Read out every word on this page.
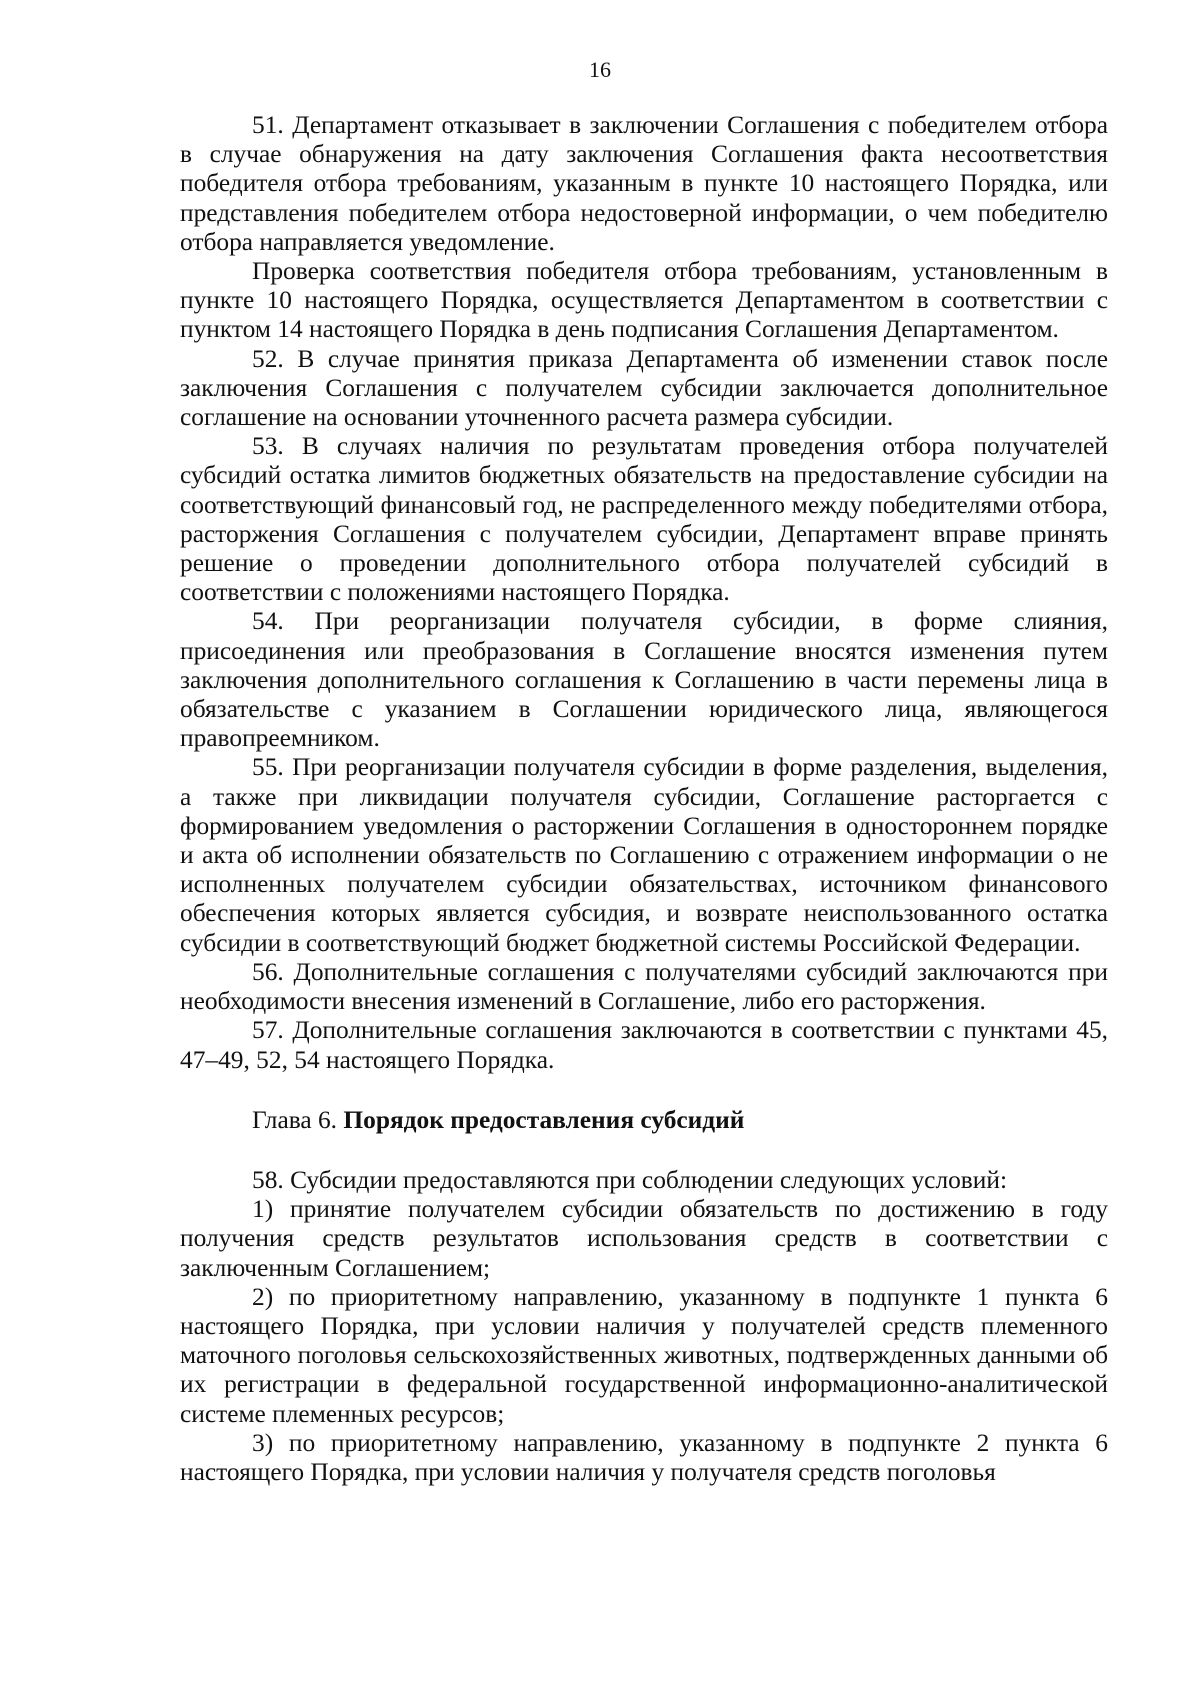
16

51. Департамент отказывает в заключении Соглашения с победителем отбора в случае обнаружения на дату заключения Соглашения факта несоответствия победителя отбора требованиям, указанным в пункте 10 настоящего Порядка, или представления победителем отбора недостоверной информации, о чем победителю отбора направляется уведомление.

Проверка соответствия победителя отбора требованиям, установленным в пункте 10 настоящего Порядка, осуществляется Департаментом в соответствии с пунктом 14 настоящего Порядка в день подписания Соглашения Департаментом.

52. В случае принятия приказа Департамента об изменении ставок после заключения Соглашения с получателем субсидии заключается дополнительное соглашение на основании уточненного расчета размера субсидии.

53. В случаях наличия по результатам проведения отбора получателей субсидий остатка лимитов бюджетных обязательств на предоставление субсидии на соответствующий финансовый год, не распределенного между победителями отбора, расторжения Соглашения с получателем субсидии, Департамент вправе принять решение о проведении дополнительного отбора получателей субсидий в соответствии с положениями настоящего Порядка.

54. При реорганизации получателя субсидии, в форме слияния, присоединения или преобразования в Соглашение вносятся изменения путем заключения дополнительного соглашения к Соглашению в части перемены лица в обязательстве с указанием в Соглашении юридического лица, являющегося правопреемником.

55. При реорганизации получателя субсидии в форме разделения, выделения, а также при ликвидации получателя субсидии, Соглашение расторгается с формированием уведомления о расторжении Соглашения в одностороннем порядке и акта об исполнении обязательств по Соглашению с отражением информации о не исполненных получателем субсидии обязательствах, источником финансового обеспечения которых является субсидия, и возврате неиспользованного остатка субсидии в соответствующий бюджет бюджетной системы Российской Федерации.

56. Дополнительные соглашения с получателями субсидий заключаются при необходимости внесения изменений в Соглашение, либо его расторжения.

57. Дополнительные соглашения заключаются в соответствии с пунктами 45, 47–49, 52, 54 настоящего Порядка.

Глава 6. Порядок предоставления субсидий

58. Субсидии предоставляются при соблюдении следующих условий:

1) принятие получателем субсидии обязательств по достижению в году получения средств результатов использования средств в соответствии с заключенным Соглашением;

2) по приоритетному направлению, указанному в подпункте 1 пункта 6 настоящего Порядка, при условии наличия у получателей средств племенного маточного поголовья сельскохозяйственных животных, подтвержденных данными об их регистрации в федеральной государственной информационно-аналитической системе племенных ресурсов;

3) по приоритетному направлению, указанному в подпункте 2 пункта 6 настоящего Порядка, при условии наличия у получателя средств поголовья
